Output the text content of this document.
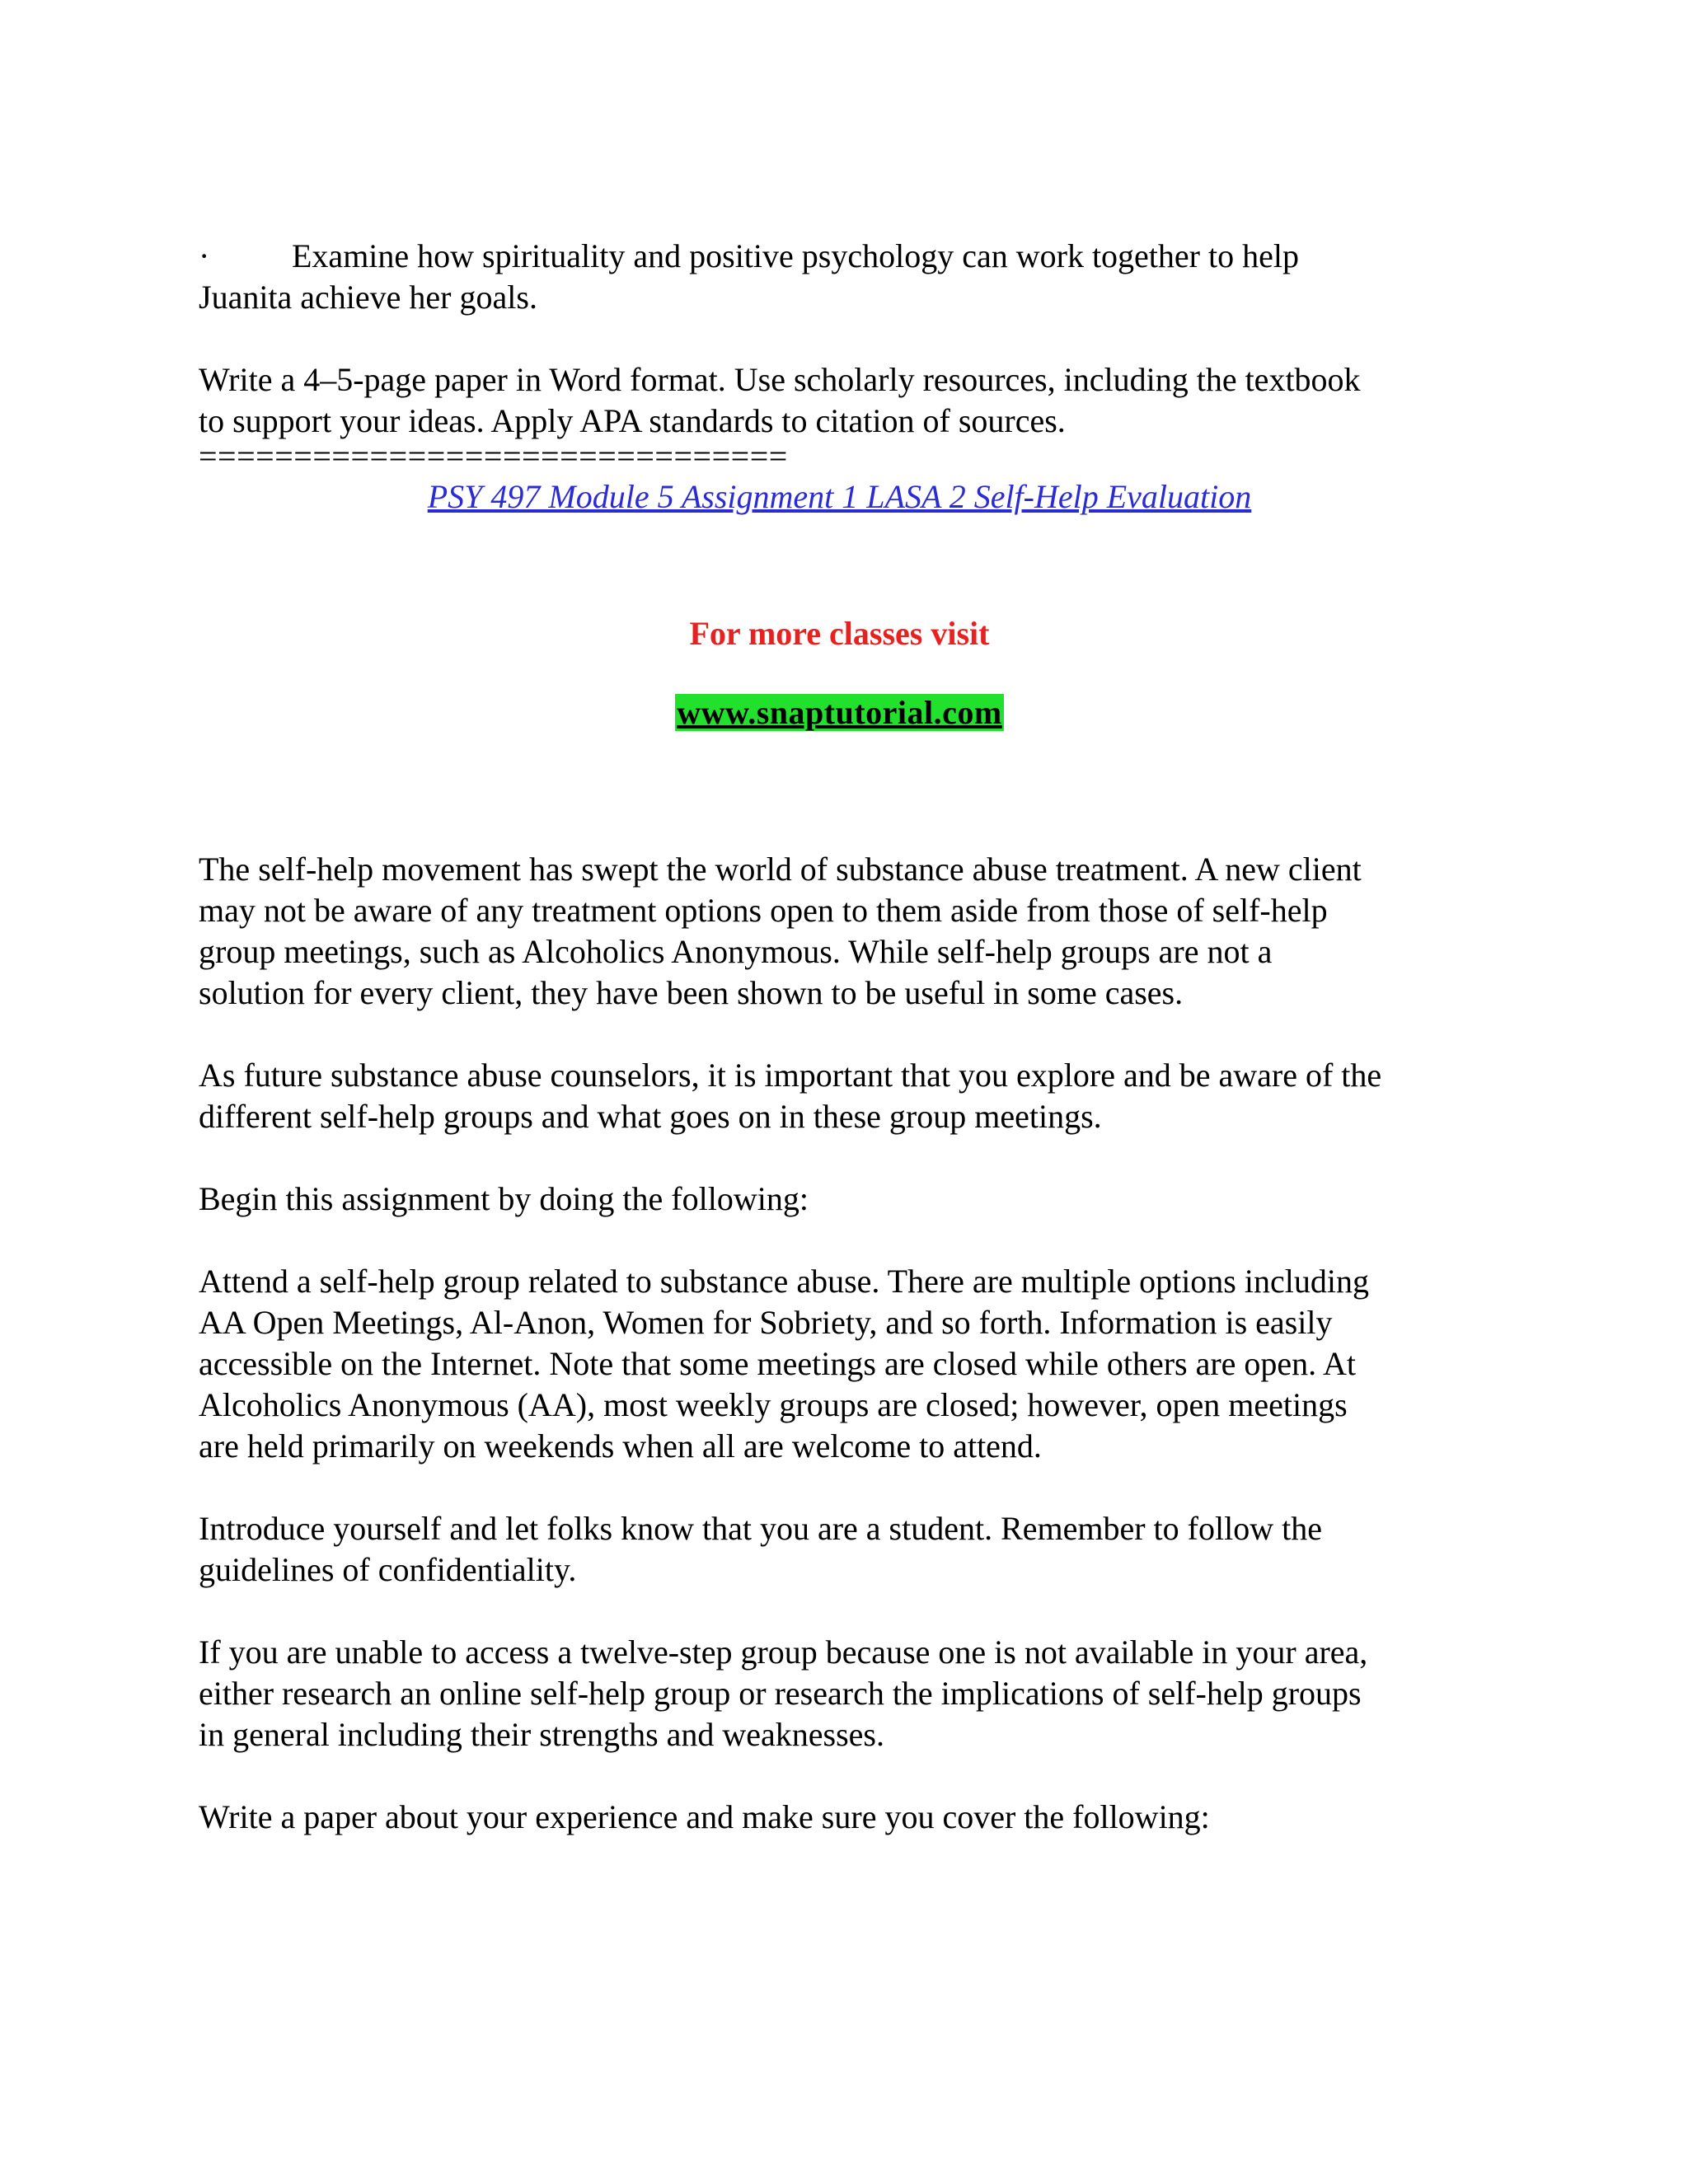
· Examine how spirituality and positive psychology can work together to help
Juanita achieve her goals.

Write a 4–5-page paper in Word format. Use scholarly resources, including the textbook
to support your ideas. Apply APA standards to citation of sources.

===============================

PSY 497 Module 5 Assignment 1 LASA 2 Self-Help Evaluation

For more classes visit

www.snaptutorial.com

The self-help movement has swept the world of substance abuse treatment. A new client
may not be aware of any treatment options open to them aside from those of self-help
group meetings, such as Alcoholics Anonymous. While self-help groups are not a
solution for every client, they have been shown to be useful in some cases.

As future substance abuse counselors, it is important that you explore and be aware of the
different self-help groups and what goes on in these group meetings.

Begin this assignment by doing the following:

Attend a self-help group related to substance abuse. There are multiple options including
AA Open Meetings, Al-Anon, Women for Sobriety, and so forth. Information is easily
accessible on the Internet. Note that some meetings are closed while others are open. At
Alcoholics Anonymous (AA), most weekly groups are closed; however, open meetings
are held primarily on weekends when all are welcome to attend.

Introduce yourself and let folks know that you are a student. Remember to follow the
guidelines of confidentiality.

If you are unable to access a twelve-step group because one is not available in your area,
either research an online self-help group or research the implications of self-help groups
in general including their strengths and weaknesses.

Write a paper about your experience and make sure you cover the following:
